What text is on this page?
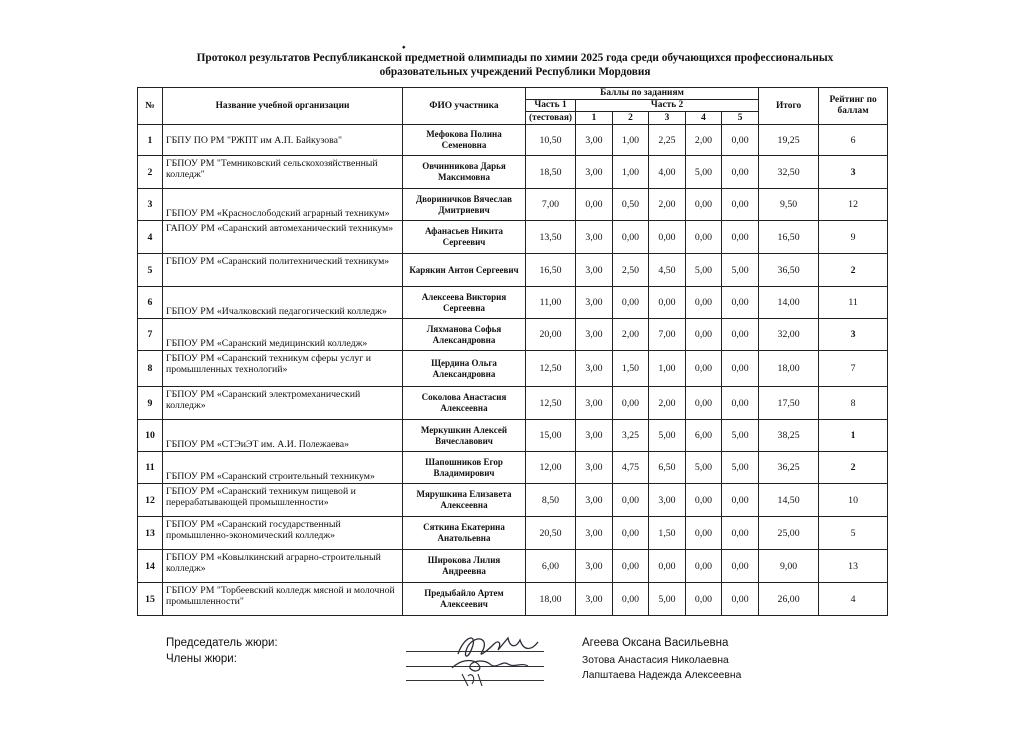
⬩
Протокол результатов Республиканской предметной олимпиады по химии 2025 года среди обучающихся профессиональных
образовательных учреждений Республики Мордовия
№	Название учебной организации	ФИО участника	Баллы по заданиям						Итого	Рейтинг по баллам
			Часть 1	Часть 2						
			(тестовая)	1	2	3	4	5		
1	ГБПУ ПО РМ "РЖПТ им А.П. Байкузова"	Мефокова Полина Семеновна	10,50	3,00	1,00	2,25	2,00	0,00	19,25	6
2	ГБПОУ РМ "Темниковский сельскохозяйственный колледж"	Овчинникова Дарья Максимовна	18,50	3,00	1,00	4,00	5,00	0,00	32,50	3
3	ГБПОУ РМ «Краснослободский аграрный техникум»	Двориничков Вячеслав Дмитриевич	7,00	0,00	0,50	2,00	0,00	0,00	9,50	12
4	ГАПОУ РМ «Саранский автомеханический техникум»	Афанасьев Никита Сергеевич	13,50	3,00	0,00	0,00	0,00	0,00	16,50	9
5	ГБПОУ РМ «Саранский политехнический техникум»	Карякин Антон Сергеевич	16,50	3,00	2,50	4,50	5,00	5,00	36,50	2
6	ГБПОУ РМ «Ичалковский педагогический колледж»	Алексеева Виктория Сергеевна	11,00	3,00	0,00	0,00	0,00	0,00	14,00	11
7	ГБПОУ РМ «Саранский медицинский колледж»	Ляхманова Софья Александровна	20,00	3,00	2,00	7,00	0,00	0,00	32,00	3
8	ГБПОУ РМ «Саранский техникум сферы услуг и промышленных технологий»	Щердина Ольга Александровна	12,50	3,00	1,50	1,00	0,00	0,00	18,00	7
9	ГБПОУ РМ «Саранский электромеханический колледж»	Соколова Анастасия Алексеевна	12,50	3,00	0,00	2,00	0,00	0,00	17,50	8
10	ГБПОУ РМ «СТЭиЭТ им. А.И. Полежаева»	Меркушкин Алексей Вячеславович	15,00	3,00	3,25	5,00	6,00	5,00	38,25	1
11	ГБПОУ РМ «Саранский строительный техникум»	Шапошников Егор Владимирович	12,00	3,00	4,75	6,50	5,00	5,00	36,25	2
12	ГБПОУ РМ «Саранский техникум пищевой и перерабатывающей промышленности»	Мярушкина Елизавета Алексеевна	8,50	3,00	0,00	3,00	0,00	0,00	14,50	10
13	ГБПОУ РМ «Саранский государственный промышленно-экономический колледж»	Сяткина Екатерина Анатольевна	20,50	3,00	0,00	1,50	0,00	0,00	25,00	5
14	ГБПОУ РМ «Ковылкинский аграрно-строительный колледж»	Широкова Лилия Андреевна	6,00	3,00	0,00	0,00	0,00	0,00	9,00	13
15	ГБПОУ РМ "Торбеевский колледж мясной и молочной промышленности"	Предыбайло Артем Алексеевич	18,00	3,00	0,00	5,00	0,00	0,00	26,00	4
Председатель жюри:
Члены жюри:
Агеева Оксана Васильевна
Зотова Анастасия Николаевна
Лапштаева Надежда Алексеевна
